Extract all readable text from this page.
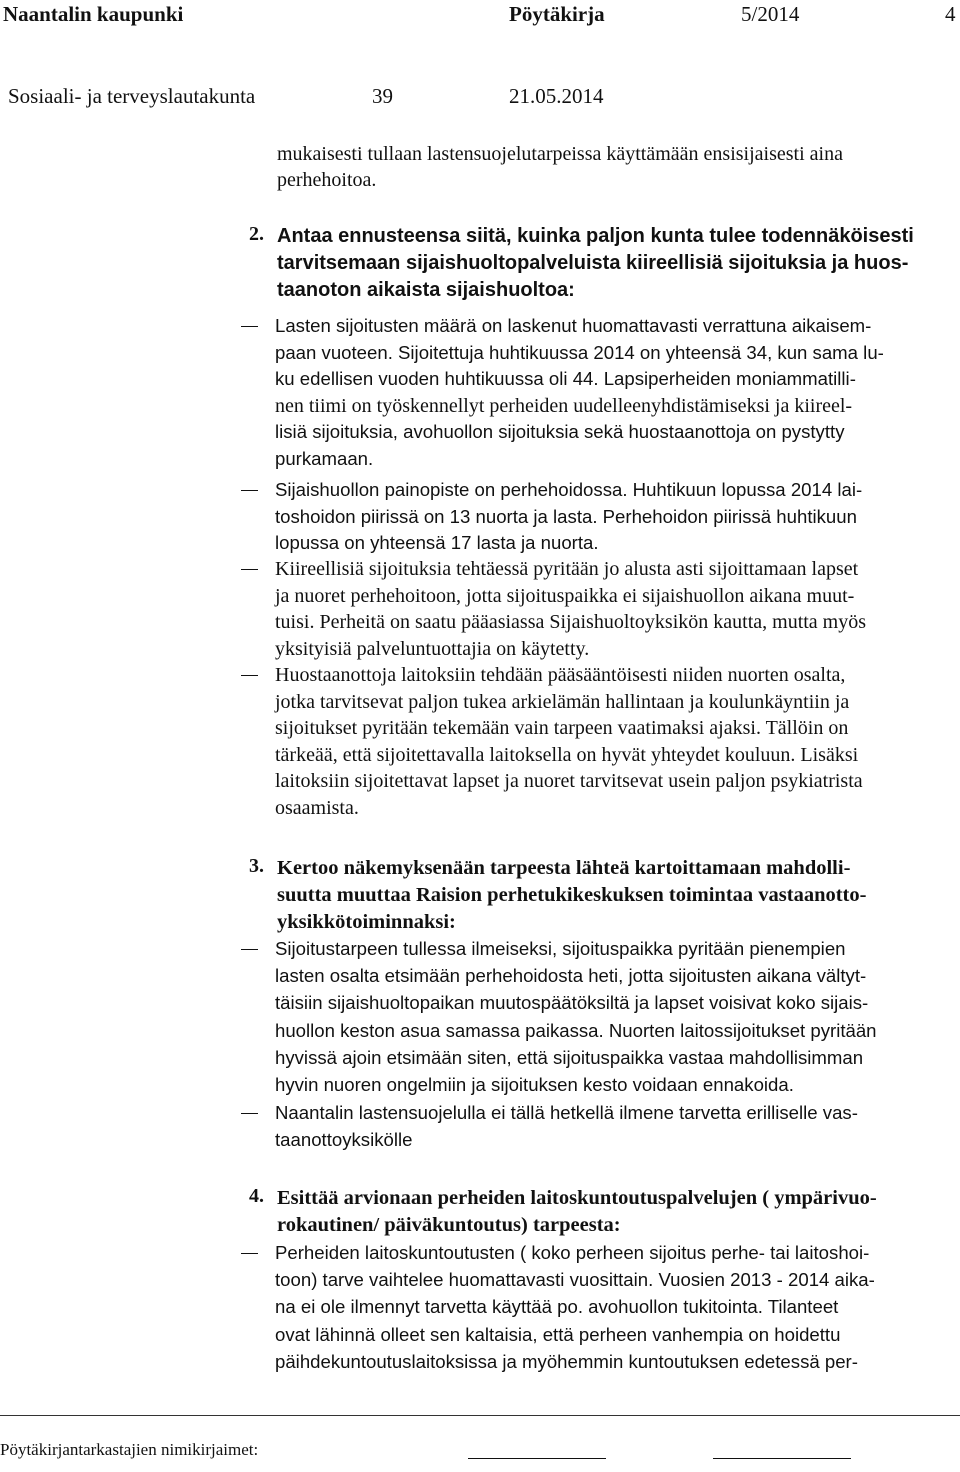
Naantalin kaupunki	Pöytäkirja	5/2014	4
Sosiaali- ja terveyslautakunta	39	21.05.2014
mukaisesti tullaan lastensuojelutarpeissa käyttämään ensisijaisesti aina
perhehoitoa.
2. Antaa ennusteensa siitä, kuinka paljon kunta tulee todennäköisesti
tarvitsemaan sijaishuoltopalveluista kiireellisiä sijoituksia ja huos-
taanoton aikaista sijaishuoltoa:
Lasten sijoitusten määrä on laskenut huomattavasti verrattuna aikaisem-
paan vuoteen. Sijoitettuja huhtikuussa 2014 on yhteensä 34, kun sama lu-
ku edellisen vuoden huhtikuussa oli 44. Lapsiperheiden moniammatilli-
nen tiimi on työskennellyt perheiden uudelleenyhdistämiseksi ja kiireel-
lisiä sijoituksia, avohuollon sijoituksia sekä huostaanottoja on pystytty
purkamaan.
Sijaishuollon painopiste on perhehoidossa. Huhtikuun lopussa 2014 lai-
toshoidon piirissä on 13 nuorta ja lasta. Perhehoidon piirissä huhtikuun
lopussa on yhteensä 17 lasta ja nuorta.
Kiireellisiä sijoituksia tehtäessä pyritään jo alusta asti sijoittamaan lapset
ja nuoret perhehoitoon, jotta sijoituspaikka ei sijaishuollon aikana muut-
tuisi. Perheitä on saatu pääasiassa Sijaishuoltoyksikön kautta, mutta myös
yksityisiä palveluntuottajia on käytetty.
Huostaanottoja laitoksiin tehdään pääsääntöisesti niiden nuorten osalta,
jotka tarvitsevat paljon tukea arkielämän hallintaan ja koulunkäyntiin ja
sijoitukset pyritään tekemään vain tarpeen vaatimaksi ajaksi. Tällöin on
tärkeää, että sijoitettavalla laitoksella on hyvät yhteydet kouluun. Lisäksi
laitoksiin sijoitettavat lapset ja nuoret tarvitsevat usein paljon psykiatrista
osaamista.
3. Kertoo näkemyksenään tarpeesta lähteä kartoittamaan mahdolli-
suutta muuttaa Raision perhetukikeskuksen toimintaa vastaanotto-
yksikkötoiminnaksi:
Sijoitustarpeen tullessa ilmeiseksi, sijoituspaikka pyritään pienempien
lasten osalta etsimään perhehoidosta heti, jotta sijoitusten aikana vältyt-
täisiin sijaishuoltopaikan muutospäätöksiltä ja lapset voisivat koko sijais-
huollon keston asua samassa paikassa. Nuorten laitossijoitukset pyritään
hyvissä ajoin etsimään siten, että sijoituspaikka vastaa mahdollisimman
hyvin nuoren ongelmiin ja sijoituksen kesto voidaan ennakoida.
Naantalin lastensuojelulla ei tällä hetkellä ilmene tarvetta erilliselle vas-
taanottoyksiköllе
4. Esittää arvionaan perheiden laitoskuntoutuspalvelujen ( ympärivuo-
rokautinen/ päiväkuntoutus) tarpeesta:
Perheiden laitoskuntoutusten ( koko perheen sijoitus perhe- tai laitoshoi-
toon) tarve vaihtelee huomattavasti vuosittain. Vuosien 2013 - 2014 aika-
na ei ole ilmennyt tarvetta käyttää po. avohuollon tukitointa. Tilanteet
ovat lähinnä olleet sen kaltaisia, että perheen vanhempia on hoidettu
päihdekuntoutuslaitoksissa ja myöhemmin kuntoutuksen edetessä per-
Pöytäkirjantarkastajien nimikirjaimet:
